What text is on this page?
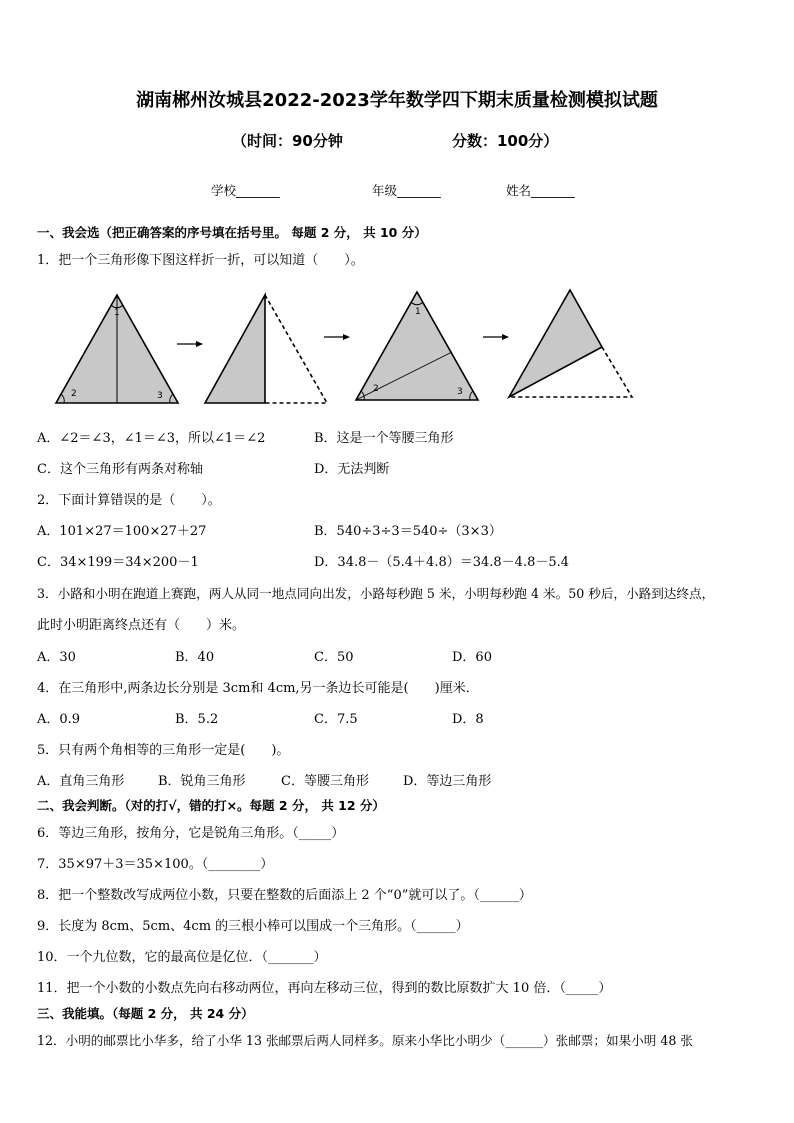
湖南郴州汝城县2022-2023学年数学四下期末质量检测模拟试题
（时间：90分钟	分数：100分）
学校_______	年级_______	姓名_______
一、我会选（把正确答案的序号填在括号里。 每题 2 分， 共 10 分）
1．把一个三角形像下图这样折一折，可以知道（　　）。
1
2	3
1
2	3
A．∠2＝∠3，∠1＝∠3，所以∠1＝∠2	B．这是一个等腰三角形
C．这个三角形有两条对称轴	D．无法判断
2．下面计算错误的是（　　）。
A．101×27＝100×27＋27	B．540÷3÷3＝540÷（3×3）
C．34×199＝34×200－1	D．34.8－（5.4＋4.8）＝34.8－4.8－5.4
3．小路和小明在跑道上赛跑，两人从同一地点同向出发，小路每秒跑 5 米，小明每秒跑 4 米。50 秒后，小路到达终点，
此时小明距离终点还有（　　）米。
A．30	B．40	C．50	D．60
4．在三角形中,两条边长分别是 3cm和 4cm,另一条边长可能是(　　)厘米．
A．0.9	B．5.2	C．7.5	D．8
5．只有两个角相等的三角形一定是(　　)。
A．直角三角形	B．锐角三角形	C．等腰三角形	D．等边三角形
二、我会判断。（对的打√，错的打×。每题 2 分， 共 12 分）
6．等边三角形，按角分，它是锐角三角形。（_____）
7．35×97＋3＝35×100。（________）
8．把一个整数改写成两位小数，只要在整数的后面添上 2 个“0”就可以了。（______）
9．长度为 8cm、5cm、4cm 的三根小棒可以围成一个三角形。（______）
10．一个九位数，它的最高位是亿位．（_______）
11．把一个小数的小数点先向右移动两位，再向左移动三位，得到的数比原数扩大 10 倍．（_____）
三、我能填。（每题 2 分， 共 24 分）
12．小明的邮票比小华多，给了小华 13 张邮票后两人同样多。原来小华比小明少（______）张邮票；如果小明 48 张
